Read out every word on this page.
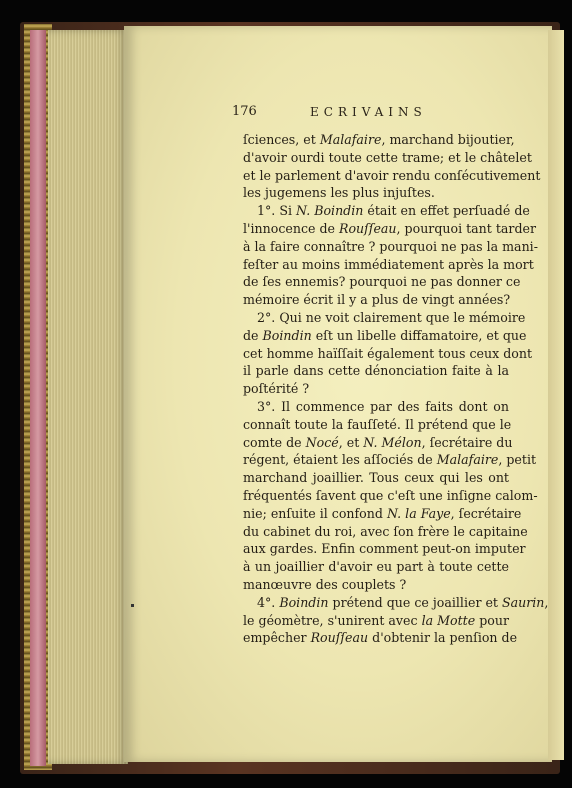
176	ECRIVAINS
ſciences, et Malafaire, marchand bijoutier,
d'avoir ourdi toute cette trame; et le châtelet
et le parlement d'avoir rendu conſécutivement
les jugemens les plus injuſtes.
1°. Si N. Boindin était en effet perſuadé de
l'innocence de Rouſſeau, pourquoi tant tarder
à la faire connaître ? pourquoi ne pas la mani-
feſter au moins immédiatement après la mort
de ſes ennemis? pourquoi ne pas donner ce
mémoire écrit il y a plus de vingt années?
2°. Qui ne voit clairement que le mémoire
de Boindin eſt un libelle diffamatoire, et que
cet homme haïſſait également tous ceux dont
il parle dans cette dénonciation faite à la
poſtérité ?
3°. Il commence par des faits dont on
connaît toute la fauſſeté. Il prétend que le
comte de Nocé, et N. Mélon, ſecrétaire du
régent, étaient les aſſociés de Malafaire, petit
marchand joaillier. Tous ceux qui les ont
fréquentés ſavent que c'eſt une inſigne calom-
nie; enſuite il confond N. la Faye, ſecrétaire
du cabinet du roi, avec ſon frère le capitaine
aux gardes. Enfin comment peut-on imputer
à un joaillier d'avoir eu part à toute cette
manœuvre des couplets ?
4°. Boindin prétend que ce joaillier et Saurin,
le géomètre, s'unirent avec la Motte pour
empêcher Rouſſeau d'obtenir la penſion de
